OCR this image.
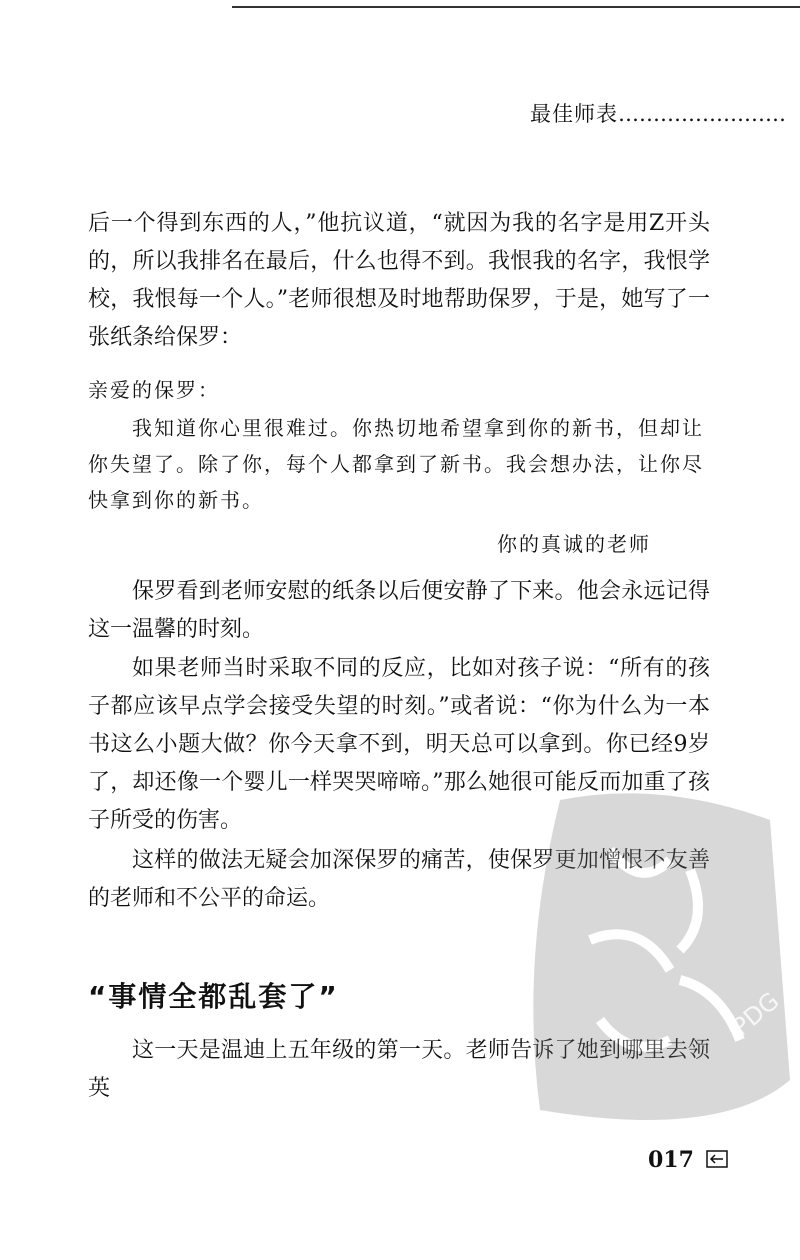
最佳师表……………………

后一个得到东西的人，”他抗议道，“就因为我的名字是用Z开头的，所以我排名在最后，什么也得不到。我恨我的名字，我恨学校，我恨每一个人。”老师很想及时地帮助保罗，于是，她写了一张纸条给保罗：

亲爱的保罗：

我知道你心里很难过。你热切地希望拿到你的新书，但却让你失望了。除了你，每个人都拿到了新书。我会想办法，让你尽快拿到你的新书。

你的真诚的老师

保罗看到老师安慰的纸条以后便安静了下来。他会永远记得这一温馨的时刻。

如果老师当时采取不同的反应，比如对孩子说：“所有的孩子都应该早点学会接受失望的时刻。”或者说：“你为什么为一本书这么小题大做？你今天拿不到，明天总可以拿到。你已经9岁了，却还像一个婴儿一样哭哭啼啼。”那么她很可能反而加重了孩子所受的伤害。

这样的做法无疑会加深保罗的痛苦，使保罗更加憎恨不友善的老师和不公平的命运。

“事情全都乱套了”

这一天是温迪上五年级的第一天。老师告诉了她到哪里去领英

PDG
017
